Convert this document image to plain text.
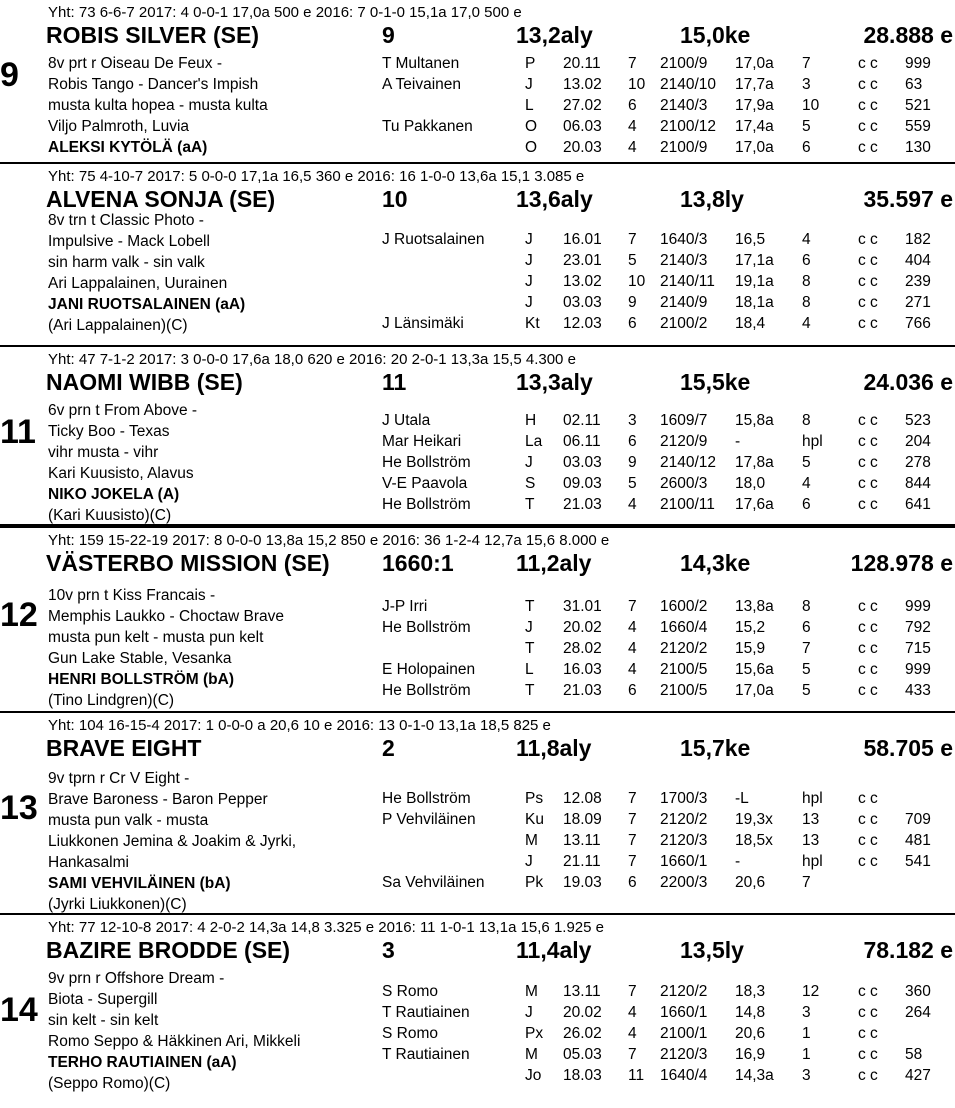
Yht: 73 6-6-7 2017: 4 0-0-1 17,0a 500 e 2016: 7 0-1-0 15,1a 17,0 500 e
ROBIS SILVER (SE)	9	13,2aly	15,0ke	28.888 e
9 8v prt r Oiseau De Feux -
Robis Tango - Dancer's Impish
musta kulta hopea - musta kulta
Viljo Palmroth, Luvia
ALEKSI KYTÖLÄ (aA)
T Multanen	P 20.11 7 2100/9 17,0a 7	c c 999
A Teivainen	J 13.02 10 2140/10 17,7a 3	c c 63
L 27.02 6 2140/3 17,9a 10	c c 521
Tu Pakkanen	O 06.03 4 2100/12 17,4a 5	c c 559
O 20.03 4 2100/9 17,0a 6	c c 130
Yht: 75 4-10-7 2017: 5 0-0-0 17,1a 16,5 360 e 2016: 16 1-0-0 13,6a 15,1 3.085 e
ALVENA SONJA (SE)	10	13,6aly	13,8ly	35.597 e
8v trn t Classic Photo -
Impulsive - Mack Lobell
sin harm valk - sin valk
Ari Lappalainen, Uurainen
JANI RUOTSALAINEN (aA)
(Ari Lappalainen)(C)
J Ruotsalainen	J 16.01 7 1640/3 16,5 4	c c 182
J 23.01 5 2140/3 17,1a 6	c c 404
J 13.02 10 2140/11 19,1a 8	c c 239
J 03.03 9 2140/9 18,1a 8	c c 271
J Länsimäki	Kt 12.03 6 2100/2 18,4 4	c c 766
Yht: 47 7-1-2 2017: 3 0-0-0 17,6a 18,0 620 e 2016: 20 2-0-1 13,3a 15,5 4.300 e
NAOMI WIBB (SE)	11	13,3aly	15,5ke	24.036 e
11
6v prn t From Above -
Ticky Boo - Texas
vihr musta - vihr
Kari Kuusisto, Alavus
NIKO JOKELA (A)
(Kari Kuusisto)(C)
J Utala	H 02.11 3 1609/7 15,8a 8	c c 523
Mar Heikari	La 06.11 6 2120/9 -	hpl c c 204
He Bollström	J 03.03 9 2140/12 17,8a 5	c c 278
V-E Paavola	S 09.03 5 2600/3 18,0 4	c c 844
He Bollström	T 21.03 4 2100/11 17,6a 6	c c 641
Yht: 159 15-22-19 2017: 8 0-0-0 13,8a 15,2 850 e 2016: 36 1-2-4 12,7a 15,6 8.000 e
VÄSTERBO MISSION (SE) 1660:1	11,2aly	14,3ke	128.978 e
12
10v prn t Kiss Francais -
Memphis Laukko - Choctaw Brave
musta pun kelt - musta pun kelt
Gun Lake Stable, Vesanka
HENRI BOLLSTRÖM (bA)
(Tino Lindgren)(C)
J-P Irri	T 31.01 7 1600/2 13,8a 8	c c 999
He Bollström	J 20.02 4 1660/4 15,2 6	c c 792
T 28.02 4 2120/2 15,9 7	c c 715
E Holopainen	L 16.03 4 2100/5 15,6a 5	c c 999
He Bollström	T 21.03 6 2100/5 17,0a 5	c c 433
Yht: 104 16-15-4 2017: 1 0-0-0 a 20,6 10 e 2016: 13 0-1-0 13,1a 18,5 825 e
BRAVE EIGHT	2	11,8aly	15,7ke	58.705 e
13
9v tprn r Cr V Eight -
Brave Baroness - Baron Pepper
musta pun valk - musta
Liukkonen Jemina & Joakim & Jyrki,
Hankasalmi
SAMI VEHVILÄINEN (bA)
(Jyrki Liukkonen)(C)
He Bollström	Ps 12.08 7 1700/3 -L	hpl c c
P Vehviläinen	Ku 18.09 7 2120/2 19,3x 13	c c 709
M 13.11 7 2120/3 18,5x 13	c c 481
J 21.11 7 1660/1 -	hpl c c 541
Sa Vehviläinen	Pk 19.03 6 2200/3 20,6 7
Yht: 77 12-10-8 2017: 4 2-0-2 14,3a 14,8 3.325 e 2016: 11 1-0-1 13,1a 15,6 1.925 e
BAZIRE BRODDE (SE)	3	11,4aly	13,5ly	78.182 e
14
9v prn r Offshore Dream -
Biota - Supergill
sin kelt - sin kelt
Romo Seppo & Häkkinen Ari, Mikkeli
TERHO RAUTIAINEN (aA)
(Seppo Romo)(C)
S Romo	M 13.11 7 2120/2 18,3 12	c c 360
T Rautiainen	J 20.02 4 1660/1 14,8 3	c c 264
S Romo	Px 26.02 4 2100/1 20,6 1	c c
T Rautiainen	M 05.03 7 2120/3 16,9 1	c c 58
Jo 18.03 11 1640/4 14,3a 3	c c 427
